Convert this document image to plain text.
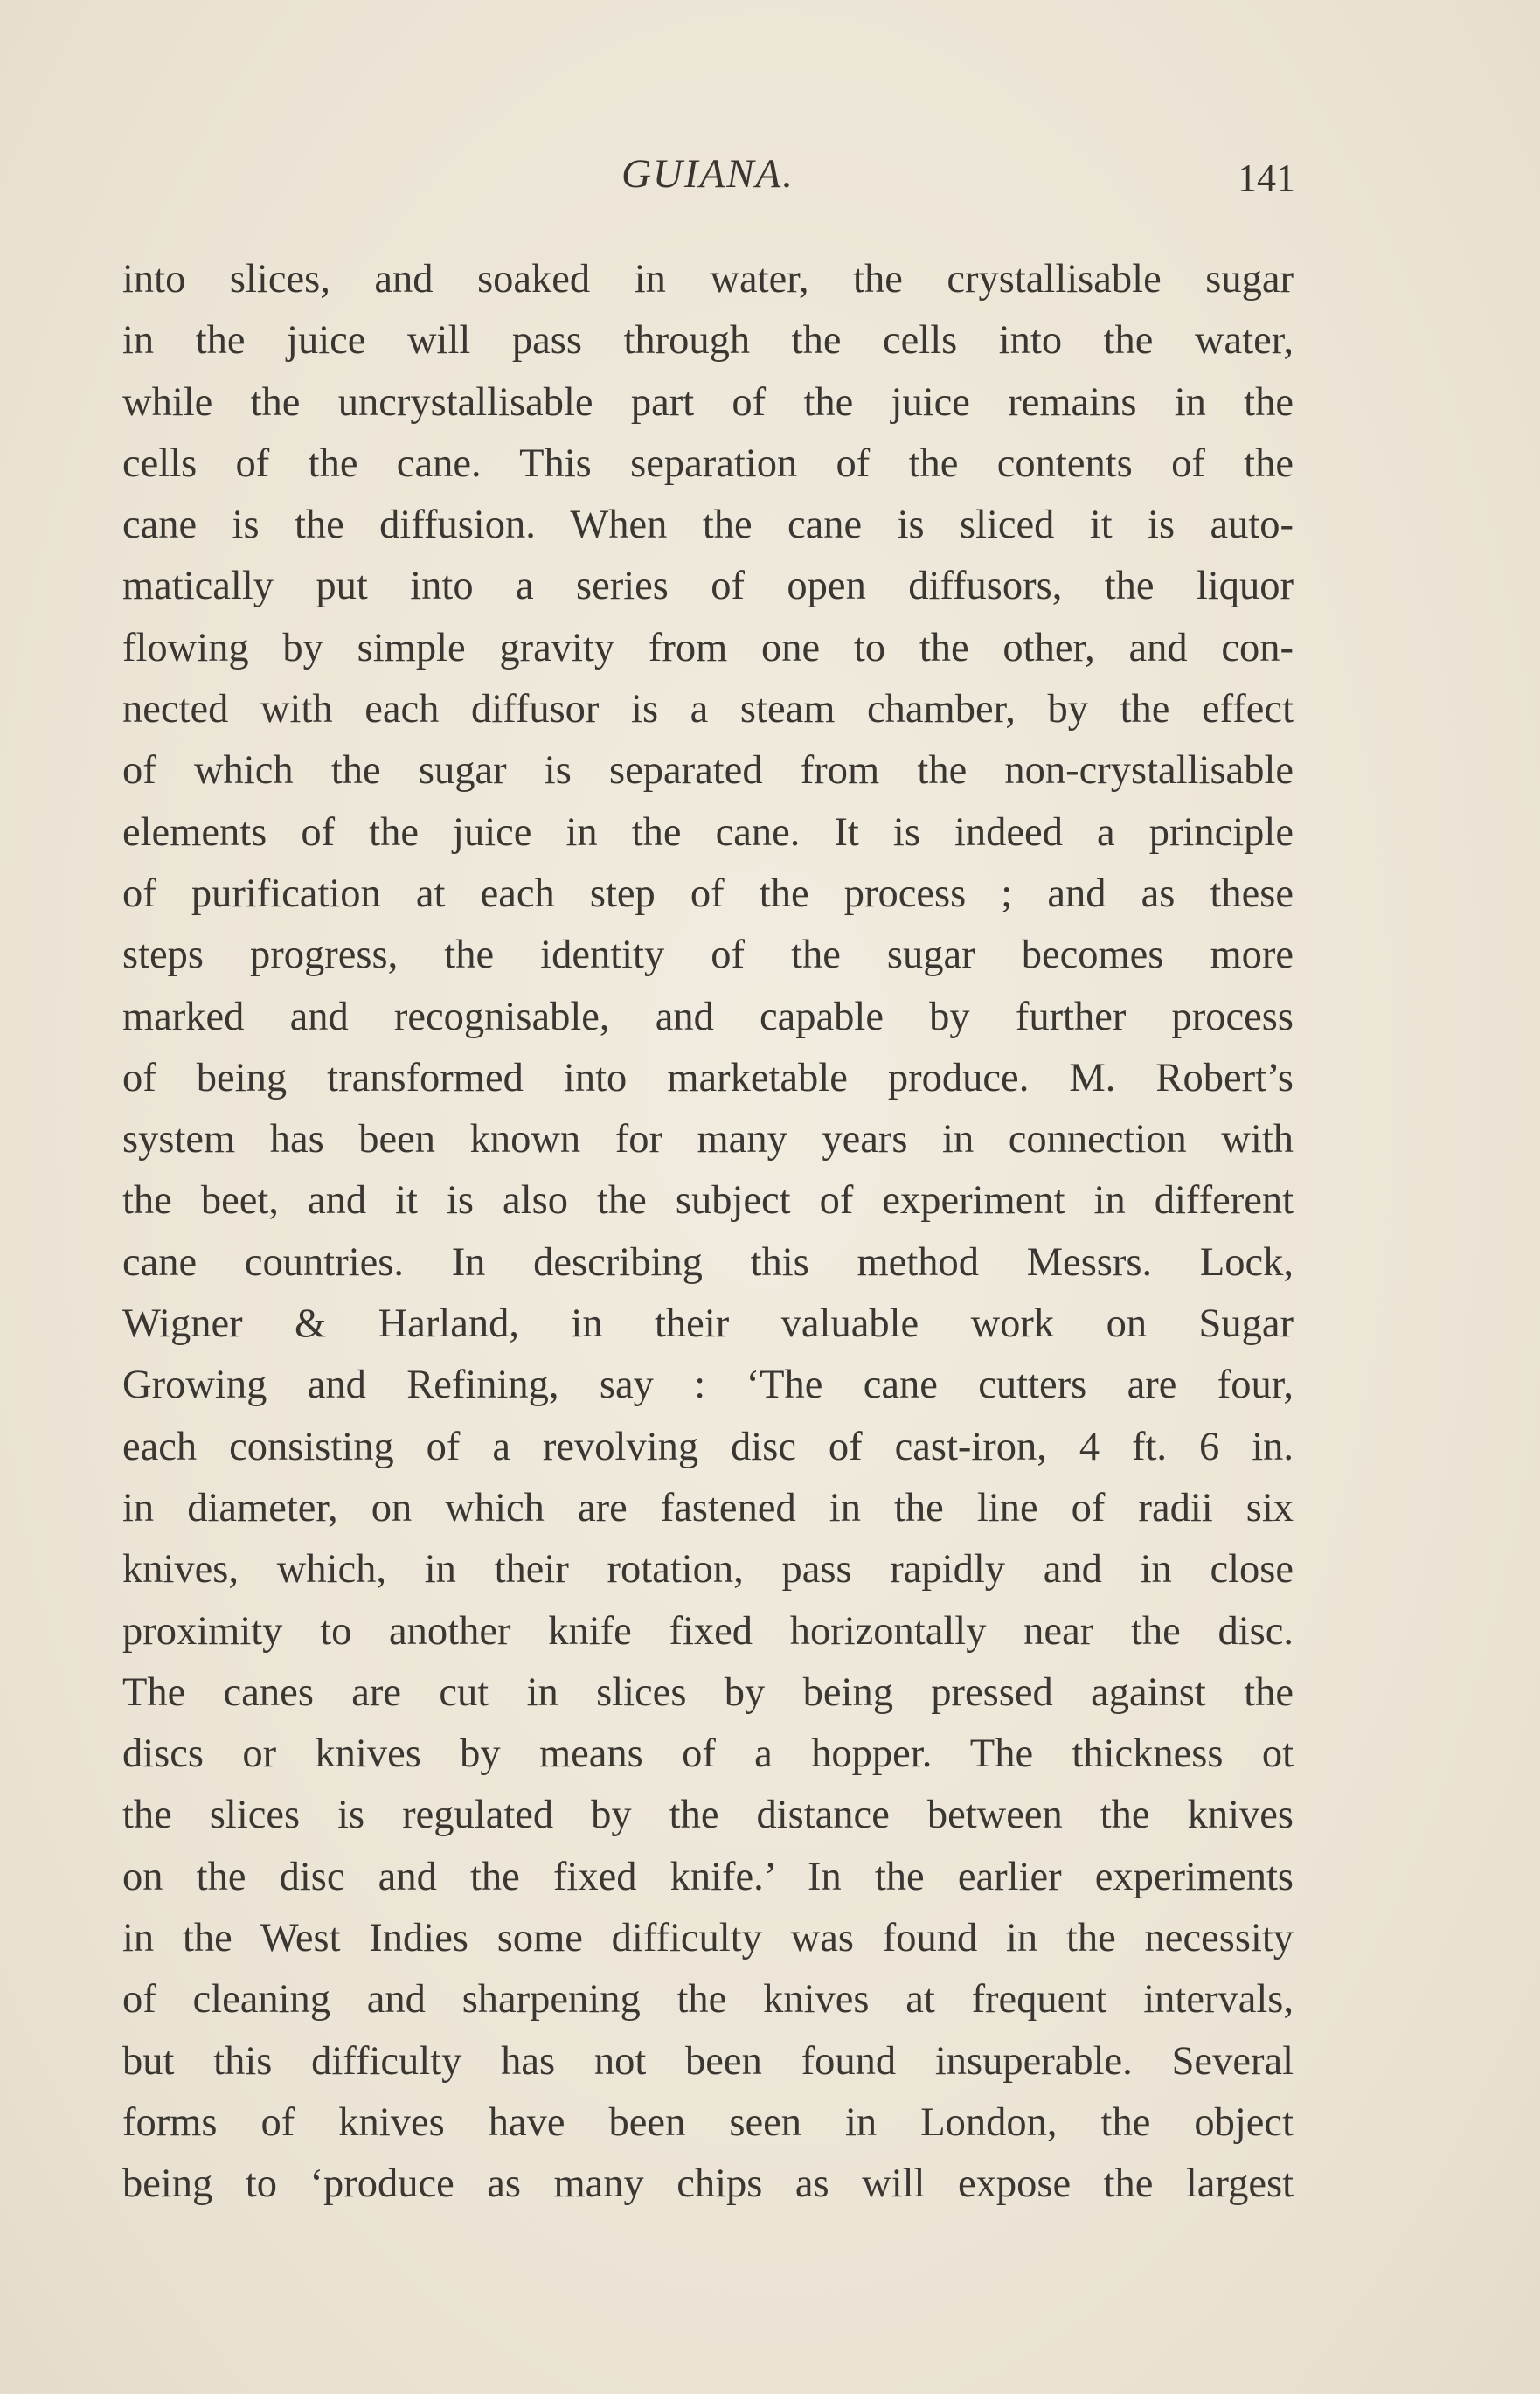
GUIANA.	141
into slices, and soaked in water, the crystallisable sugar
in the juice will pass through the cells into the water,
while the uncrystallisable part of the juice remains in the
cells of the cane. This separation of the contents of the
cane is the diffusion. When the cane is sliced it is auto-
matically put into a series of open diffusors, the liquor
flowing by simple gravity from one to the other, and con-
nected with each diffusor is a steam chamber, by the effect
of which the sugar is separated from the non-crystallisable
elements of the juice in the cane. It is indeed a principle
of purification at each step of the process ; and as these
steps progress, the identity of the sugar becomes more
marked and recognisable, and capable by further process
of being transformed into marketable produce. M. Robert’s
system has been known for many years in connection with
the beet, and it is also the subject of experiment in different
cane countries. In describing this method Messrs. Lock,
Wigner & Harland, in their valuable work on Sugar
Growing and Refining, say : ‘The cane cutters are four,
each consisting of a revolving disc of cast-iron, 4 ft. 6 in.
in diameter, on which are fastened in the line of radii six
knives, which, in their rotation, pass rapidly and in close
proximity to another knife fixed horizontally near the disc.
The canes are cut in slices by being pressed against the
discs or knives by means of a hopper. The thickness ot
the slices is regulated by the distance between the knives
on the disc and the fixed knife.’ In the earlier experiments
in the West Indies some difficulty was found in the necessity
of cleaning and sharpening the knives at frequent intervals,
but this difficulty has not been found insuperable. Several
forms of knives have been seen in London, the object
being to ‘produce as many chips as will expose the largest
